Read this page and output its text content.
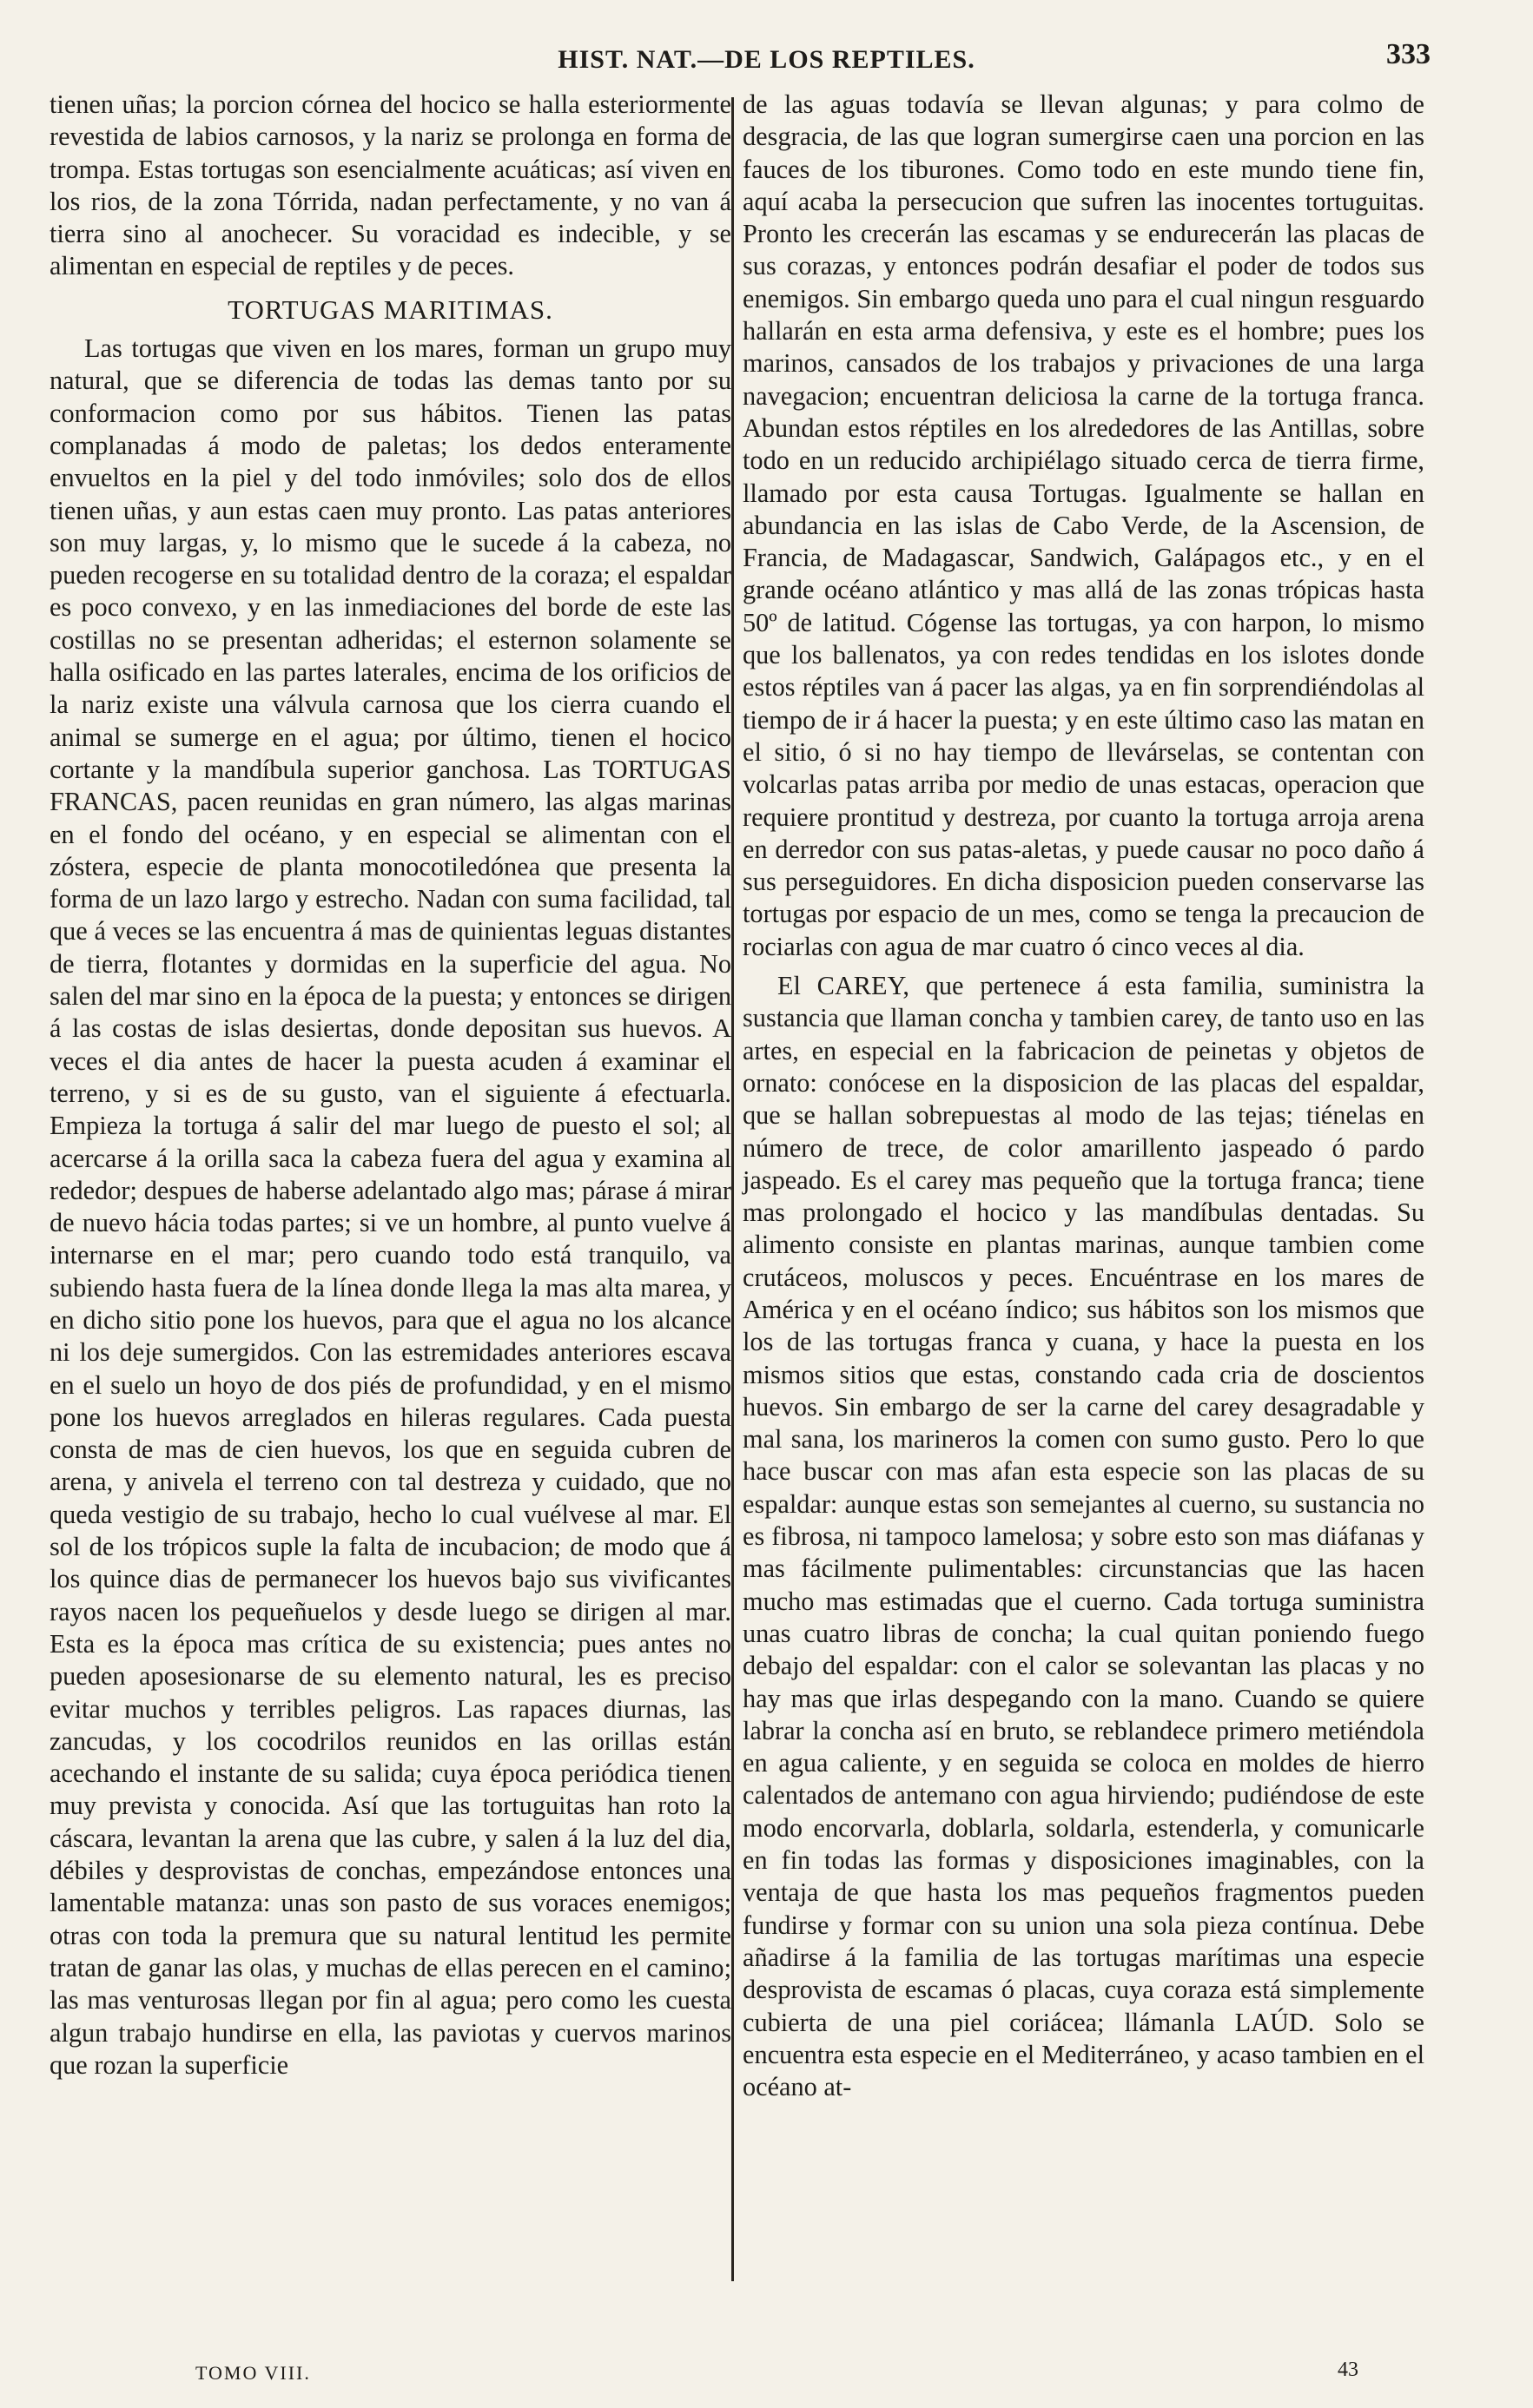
HIST. NAT.—DE LOS REPTILES.	333

tienen uñas; la porcion córnea del hocico se halla esteriormente revestida de labios carnosos, y la nariz se prolonga en forma de trompa. Estas tortugas son esencialmente acuáticas; así viven en los rios, de la zona Tórrida, nadan perfectamente, y no van á tierra sino al anochecer. Su voracidad es indecible, y se alimentan en especial de reptiles y de peces.

TORTUGAS MARITIMAS.

Las tortugas que viven en los mares, forman un grupo muy natural, que se diferencia de todas las demas tanto por su conformacion como por sus hábitos. Tienen las patas complanadas á modo de paletas; los dedos enteramente envueltos en la piel y del todo inmóviles; solo dos de ellos tienen uñas, y aun estas caen muy pronto. Las patas anteriores son muy largas, y, lo mismo que le sucede á la cabeza, no pueden recogerse en su totalidad dentro de la coraza; el espaldar es poco convexo, y en las inmediaciones del borde de este las costillas no se presentan adheridas; el esternon solamente se halla osificado en las partes laterales, encima de los orificios de la nariz existe una válvula carnosa que los cierra cuando el animal se sumerge en el agua; por último, tienen el hocico cortante y la mandíbula superior ganchosa. Las TORTUGAS FRANCAS, pacen reunidas en gran número, las algas marinas en el fondo del océano, y en especial se alimentan con el zóstera, especie de planta monocotiledónea que presenta la forma de un lazo largo y estrecho. Nadan con suma facilidad, tal que á veces se las encuentra á mas de quinientas leguas distantes de tierra, flotantes y dormidas en la superficie del agua. No salen del mar sino en la época de la puesta; y entonces se dirigen á las costas de islas desiertas, donde depositan sus huevos. A veces el dia antes de hacer la puesta acuden á examinar el terreno, y si es de su gusto, van el siguiente á efectuarla. Empieza la tortuga á salir del mar luego de puesto el sol; al acercarse á la orilla saca la cabeza fuera del agua y examina al rededor; despues de haberse adelantado algo mas; párase á mirar de nuevo hácia todas partes; si ve un hombre, al punto vuelve á internarse en el mar; pero cuando todo está tranquilo, va subiendo hasta fuera de la línea donde llega la mas alta marea, y en dicho sitio pone los huevos, para que el agua no los alcance ni los deje sumergidos. Con las estremidades anteriores escava en el suelo un hoyo de dos piés de profundidad, y en el mismo pone los huevos arreglados en hileras regulares. Cada puesta consta de mas de cien huevos, los que en seguida cubren de arena, y anivela el terreno con tal destreza y cuidado, que no queda vestigio de su trabajo, hecho lo cual vuélvese al mar. El sol de los trópicos suple la falta de incubacion; de modo que á los quince dias de permanecer los huevos bajo sus vivificantes rayos nacen los pequeñuelos y desde luego se dirigen al mar. Esta es la época mas crítica de su existencia; pues antes no pueden aposesionarse de su elemento natural, les es preciso evitar muchos y terribles peligros. Las rapaces diurnas, las zancudas, y los cocodrilos reunidos en las orillas están acechando el instante de su salida; cuya época periódica tienen muy prevista y conocida. Así que las tortuguitas han roto la cáscara, levantan la arena que las cubre, y salen á la luz del dia, débiles y desprovistas de conchas, empezándose entonces una lamentable matanza: unas son pasto de sus voraces enemigos; otras con toda la premura que su natural lentitud les permite tratan de ganar las olas, y muchas de ellas perecen en el camino; las mas venturosas llegan por fin al agua; pero como les cuesta algun trabajo hundirse en ella, las paviotas y cuervos marinos que rozan la superficie

de las aguas todavía se llevan algunas; y para colmo de desgracia, de las que logran sumergirse caen una porcion en las fauces de los tiburones. Como todo en este mundo tiene fin, aquí acaba la persecucion que sufren las inocentes tortuguitas. Pronto les crecerán las escamas y se endurecerán las placas de sus corazas, y entonces podrán desafiar el poder de todos sus enemigos. Sin embargo queda uno para el cual ningun resguardo hallarán en esta arma defensiva, y este es el hombre; pues los marinos, cansados de los trabajos y privaciones de una larga navegacion; encuentran deliciosa la carne de la tortuga franca. Abundan estos réptiles en los alrededores de las Antillas, sobre todo en un reducido archipiélago situado cerca de tierra firme, llamado por esta causa Tortugas. Igualmente se hallan en abundancia en las islas de Cabo Verde, de la Ascension, de Francia, de Madagascar, Sandwich, Galápagos etc., y en el grande océano atlántico y mas allá de las zonas trópicas hasta 50º de latitud. Cógense las tortugas, ya con harpon, lo mismo que los ballenatos, ya con redes tendidas en los islotes donde estos réptiles van á pacer las algas, ya en fin sorprendiéndolas al tiempo de ir á hacer la puesta; y en este último caso las matan en el sitio, ó si no hay tiempo de llevárselas, se contentan con volcarlas patas arriba por medio de unas estacas, operacion que requiere prontitud y destreza, por cuanto la tortuga arroja arena en derredor con sus patas-aletas, y puede causar no poco daño á sus perseguidores. En dicha disposicion pueden conservarse las tortugas por espacio de un mes, como se tenga la precaucion de rociarlas con agua de mar cuatro ó cinco veces al dia.

El CAREY, que pertenece á esta familia, suministra la sustancia que llaman concha y tambien carey, de tanto uso en las artes, en especial en la fabricacion de peinetas y objetos de ornato: conócese en la disposicion de las placas del espaldar, que se hallan sobrepuestas al modo de las tejas; tiénelas en número de trece, de color amarillento jaspeado ó pardo jaspeado. Es el carey mas pequeño que la tortuga franca; tiene mas prolongado el hocico y las mandíbulas dentadas. Su alimento consiste en plantas marinas, aunque tambien come crutáceos, moluscos y peces. Encuéntrase en los mares de América y en el océano índico; sus hábitos son los mismos que los de las tortugas franca y cuana, y hace la puesta en los mismos sitios que estas, constando cada cria de doscientos huevos. Sin embargo de ser la carne del carey desagradable y mal sana, los marineros la comen con sumo gusto. Pero lo que hace buscar con mas afan esta especie son las placas de su espaldar: aunque estas son semejantes al cuerno, su sustancia no es fibrosa, ni tampoco lamelosa; y sobre esto son mas diáfanas y mas fácilmente pulimentables: circunstancias que las hacen mucho mas estimadas que el cuerno. Cada tortuga suministra unas cuatro libras de concha; la cual quitan poniendo fuego debajo del espaldar: con el calor se solevantan las placas y no hay mas que irlas despegando con la mano. Cuando se quiere labrar la concha así en bruto, se reblandece primero metiéndola en agua caliente, y en seguida se coloca en moldes de hierro calentados de antemano con agua hirviendo; pudiéndose de este modo encorvarla, doblarla, soldarla, estenderla, y comunicarle en fin todas las formas y disposiciones imaginables, con la ventaja de que hasta los mas pequeños fragmentos pueden fundirse y formar con su union una sola pieza contínua. Debe añadirse á la familia de las tortugas marítimas una especie desprovista de escamas ó placas, cuya coraza está simplemente cubierta de una piel coriácea; llámanla LAÚD. Solo se encuentra esta especie en el Mediterráneo, y acaso tambien en el océano at-

TOMO VIII.	43
